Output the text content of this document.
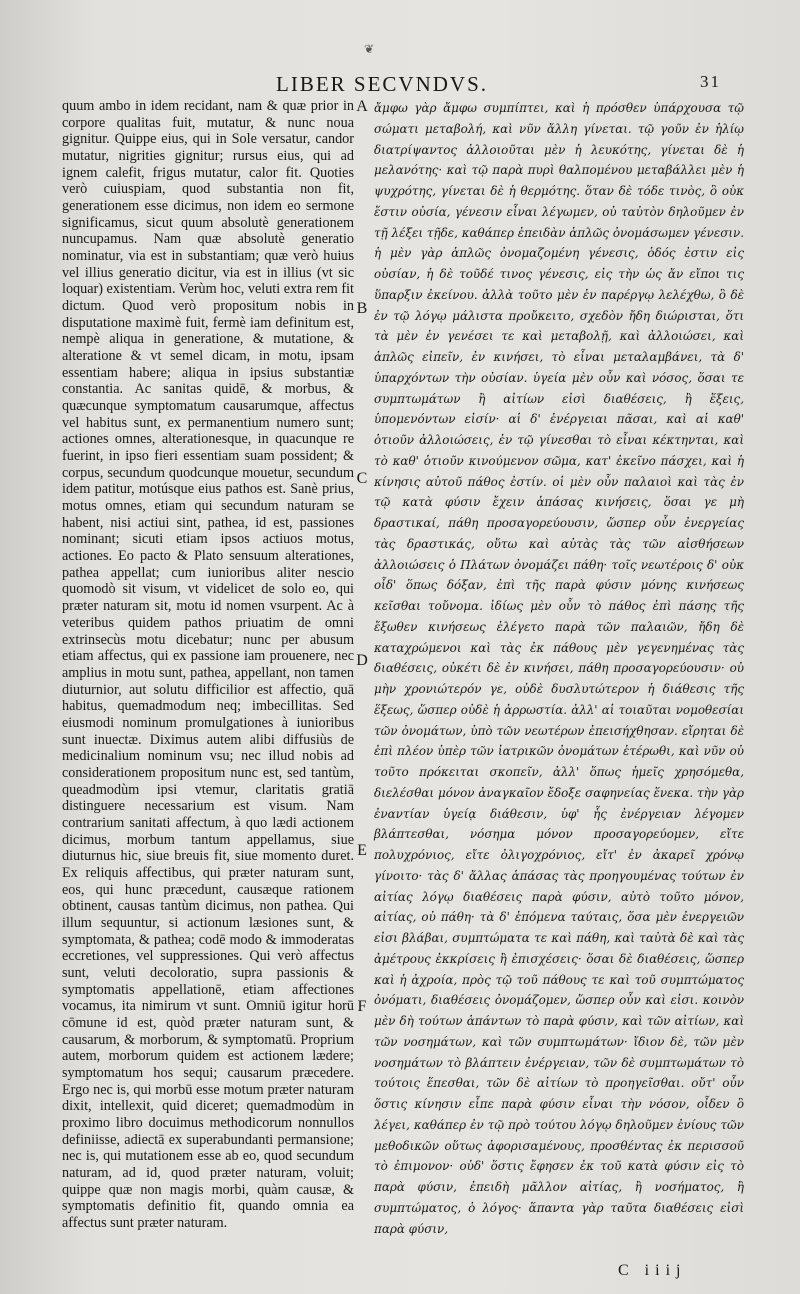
❦
LIBER SECVNDVS.	31

quum ambo in idem recidant, nam & quæ prior in corpore qualitas fuit, mutatur, & nunc noua gignitur. Quippe eius, qui in Sole versatur, candor mutatur, nigrities gignitur; rursus eius, qui ad ignem calefit, frigus mutatur, calor fit. Quoties verò cuiuspiam, quod substantia non fit, generationem esse dicimus, non idem eo sermone significamus, sicut quum absolutè generationem nuncupamus. Nam quæ absolutè generatio nominatur, via est in substantiam; quæ verò huius vel illius generatio dicitur, via est in illius (vt sic loquar) existentiam. Verùm hoc, veluti extra rem fit dictum. Quod verò propositum nobis in disputatione maximè fuit, fermè iam definitum est, nempè aliqua in generatione, & mutatione, & alteratione & vt semel dicam, in motu, ipsam essentiam habere; aliqua in ipsius substantiæ constantia. Ac sanitas quidē, & morbus, & quæcunque symptomatum causarumque, affectus vel habitus sunt, ex permanentium numero sunt; actiones omnes, alterationesque, in quacunque re fuerint, in ipso fieri essentiam suam possident; & corpus, secundum quodcunque mouetur, secundum idem patitur, motúsque eius pathos est. Sanè prius, motus omnes, etiam qui secundum naturam se habent, nisi actiui sint, pathea, id est, passiones nominant; sicuti etiam ipsos actiuos motus, actiones. Eo pacto & Plato sensuum alterationes, pathea appellat; cum iunioribus aliter nescio quomodò sit visum, vt videlicet de solo eo, qui præter naturam sit, motu id nomen vsurpent. Ac à veteribus quidem pathos priuatim de omni extrinsecùs motu dicebatur; nunc per abusum etiam affectus, qui ex passione iam prouenere, nec amplius in motu sunt, pathea, appellant, non tamen diuturnior, aut solutu difficilior est affectio, quā habitus, quemadmodum neq; imbecillitas. Sed eiusmodi nominum promulgationes à iunioribus sunt inuectæ. Diximus autem alibi diffusiùs de medicinalium nominum vsu; nec illud nobis ad considerationem propositum nunc est, sed tantùm, queadmodùm ipsi vtemur, claritatis gratiā distinguere necessarium est visum. Nam contrarium sanitati affectum, à quo lædi actionem dicimus, morbum tantum appellamus, siue diuturnus hic, siue breuis fit, siue momento duret. Ex reliquis affectibus, qui præter naturam sunt, eos, qui hunc præcedunt, causæque rationem obtinent, causas tantùm dicimus, non pathea. Qui illum sequuntur, si actionum læsiones sunt, & symptomata, & pathea; codē modo & immoderatas eccretiones, vel suppressiones. Qui verò affectus sunt, veluti decoloratio, supra passionis & symptomatis appellationē, etiam affectiones vocamus, ita nimirum vt sunt. Omniū igitur horū cōmune id est, quòd præter naturam sunt, & causarum, & morborum, & symptomatū. Proprium autem, morborum quidem est actionem lædere; symptomatum hos sequi; causarum præcedere. Ergo nec is, qui morbū esse motum præter naturam dixit, intellexit, quid diceret; quemadmodùm in proximo libro docuimus methodicorum nonnullos definiisse, adiectā ex superabundanti permansione; nec is, qui mutationem esse ab eo, quod secundum naturam, ad id, quod præter naturam, voluit; quippe quæ non magis morbi, quàm causæ, & symptomatis definitio fit, quando omnia ea affectus sunt præter naturam.

A
B
C
D
E
F

ἄμφω γὰρ ἄμφω συμπίπτει, καὶ ἡ πρόσθεν ὑπάρχουσα τῷ σώματι μεταβολή, καὶ νῦν ἄλλη γίνεται. τῷ γοῦν ἐν ἡλίῳ διατρίψαντος ἀλλοιοῦται μὲν ἡ λευκότης, γίνεται δὲ ἡ μελανότης· καὶ τῷ παρὰ πυρὶ θαλπομένου μεταβάλλει μὲν ἡ ψυχρότης, γίνεται δὲ ἡ θερμότης. ὅταν δὲ τόδε τινὸς, ὃ οὐκ ἔστιν οὐσία, γένεσιν εἶναι λέγωμεν, οὐ ταὐτὸν δηλοῦμεν ἐν τῇ λέξει τῇδε, καθάπερ ἐπειδὰν ἁπλῶς ὀνομάσωμεν γένεσιν. ἡ μὲν γὰρ ἁπλῶς ὀνομαζομένη γένεσις, ὁδός ἐστιν εἰς οὐσίαν, ἡ δὲ τοῦδέ τινος γένεσις, εἰς τὴν ὡς ἄν εἴποι τις ὕπαρξιν ἐκείνου. ἀλλὰ τοῦτο μὲν ἐν παρέργῳ λελέχθω, ὃ δὲ ἐν τῷ λόγῳ μάλιστα προὔκειτο, σχεδὸν ἤδη διώρισται, ὅτι τὰ μὲν ἐν γενέσει τε καὶ μεταβολῇ, καὶ ἀλλοιώσει, καὶ ἁπλῶς εἰπεῖν, ἐν κινήσει, τὸ εἶναι μεταλαμβάνει, τὰ δ' ὑπαρχόντων τὴν οὐσίαν. ὑγεία μὲν οὖν καὶ νόσος, ὅσαι τε συμπτωμάτων ἢ αἰτίων εἰσὶ διαθέσεις, ἢ ἕξεις, ὑπομενόντων εἰσίν· αἱ δ' ἐνέργειαι πᾶσαι, καὶ αἱ καθ' ὁτιοῦν ἀλλοιώσεις, ἐν τῷ γίνεσθαι τὸ εἶναι κέκτηνται, καὶ τὸ καθ' ὁτιοῦν κινούμενον σῶμα, κατ' ἐκεῖνο πάσχει, καὶ ἡ κίνησις αὐτοῦ πάθος ἐστίν. οἱ μὲν οὖν παλαιοὶ καὶ τὰς ἐν τῷ κατὰ φύσιν ἔχειν ἁπάσας κινήσεις, ὅσαι γε μὴ δραστικαί, πάθη προσαγορεύουσιν, ὥσπερ οὖν ἐνεργείας τὰς δραστικάς, οὕτω καὶ αὐτὰς τὰς τῶν αἰσθήσεων ἀλλοιώσεις ὁ Πλάτων ὀνομάζει πάθη· τοῖς νεωτέροις δ' οὐκ οἶδ' ὅπως δόξαν, ἐπὶ τῆς παρὰ φύσιν μόνης κινήσεως κεῖσθαι τοὔνομα. ἰδίως μὲν οὖν τὸ πάθος ἐπὶ πάσης τῆς ἔξωθεν κινήσεως ἐλέγετο παρὰ τῶν παλαιῶν, ἤδη δὲ καταχρώμενοι καὶ τὰς ἐκ πάθους μὲν γεγενημένας τὰς διαθέσεις, οὐκέτι δὲ ἐν κινήσει, πάθη προσαγορεύουσιν· οὐ μὴν χρονιώτερόν γε, οὐδὲ δυσλυτώτερον ἡ διάθεσις τῆς ἕξεως, ὥσπερ οὐδὲ ἡ ἀρρωστία. ἀλλ' αἱ τοιαῦται νομοθεσίαι τῶν ὀνομάτων, ὑπὸ τῶν νεωτέρων ἐπεισήχθησαν. εἴρηται δὲ ἐπὶ πλέον ὑπὲρ τῶν ἰατρικῶν ὀνομάτων ἑτέρωθι, καὶ νῦν οὐ τοῦτο πρόκειται σκοπεῖν, ἀλλ' ὅπως ἡμεῖς χρησόμεθα, διελέσθαι μόνον ἀναγκαῖον ἔδοξε σαφηνείας ἕνεκα. τὴν γὰρ ἐναντίαν ὑγείᾳ διάθεσιν, ὑφ' ἧς ἐνέργειαν λέγομεν βλάπτεσθαι, νόσημα μόνον προσαγορεύομεν, εἴτε πολυχρόνιος, εἴτε ὀλιγοχρόνιος, εἴτ' ἐν ἀκαρεῖ χρόνῳ γίνοιτο· τὰς δ' ἄλλας ἁπάσας τὰς προηγουμένας τούτων ἐν αἰτίας λόγῳ διαθέσεις παρὰ φύσιν, αὐτὸ τοῦτο μόνον, αἰτίας, οὐ πάθη· τὰ δ' ἑπόμενα ταύταις, ὅσα μὲν ἐνεργειῶν εἰσι βλάβαι, συμπτώματα τε καὶ πάθη, καὶ ταὐτὰ δὲ καὶ τὰς ἀμέτρους ἐκκρίσεις ἢ ἐπισχέσεις· ὅσαι δὲ διαθέσεις, ὥσπερ καὶ ἡ ἀχροία, πρὸς τῷ τοῦ πάθους τε καὶ τοῦ συμπτώματος ὀνόματι, διαθέσεις ὀνομάζομεν, ὥσπερ οὖν καὶ εἰσι. κοινὸν μὲν δὴ τούτων ἁπάντων τὸ παρὰ φύσιν, καὶ τῶν αἰτίων, καὶ τῶν νοσημάτων, καὶ τῶν συμπτωμάτων· ἴδιον δὲ, τῶν μὲν νοσημάτων τὸ βλάπτειν ἐνέργειαν, τῶν δὲ συμπτωμάτων τὸ τούτοις ἕπεσθαι, τῶν δὲ αἰτίων τὸ προηγεῖσθαι. οὔτ' οὖν ὅστις κίνησιν εἶπε παρὰ φύσιν εἶναι τὴν νόσον, οἶδεν ὃ λέγει, καθάπερ ἐν τῷ πρὸ τούτου λόγῳ δηλοῦμεν ἐνίους τῶν μεθοδικῶν οὕτως ἀφορισαμένους, προσθέντας ἐκ περισσοῦ τὸ ἐπιμονον· οὐδ' ὅστις ἔφησεν ἐκ τοῦ κατὰ φύσιν εἰς τὸ παρὰ φύσιν, ἐπειδὴ μᾶλλον αἰτίας, ἢ νοσήματος, ἢ συμπτώματος, ὁ λόγος· ἅπαντα γὰρ ταῦτα διαθέσεις εἰσὶ παρὰ φύσιν,

C iiij
